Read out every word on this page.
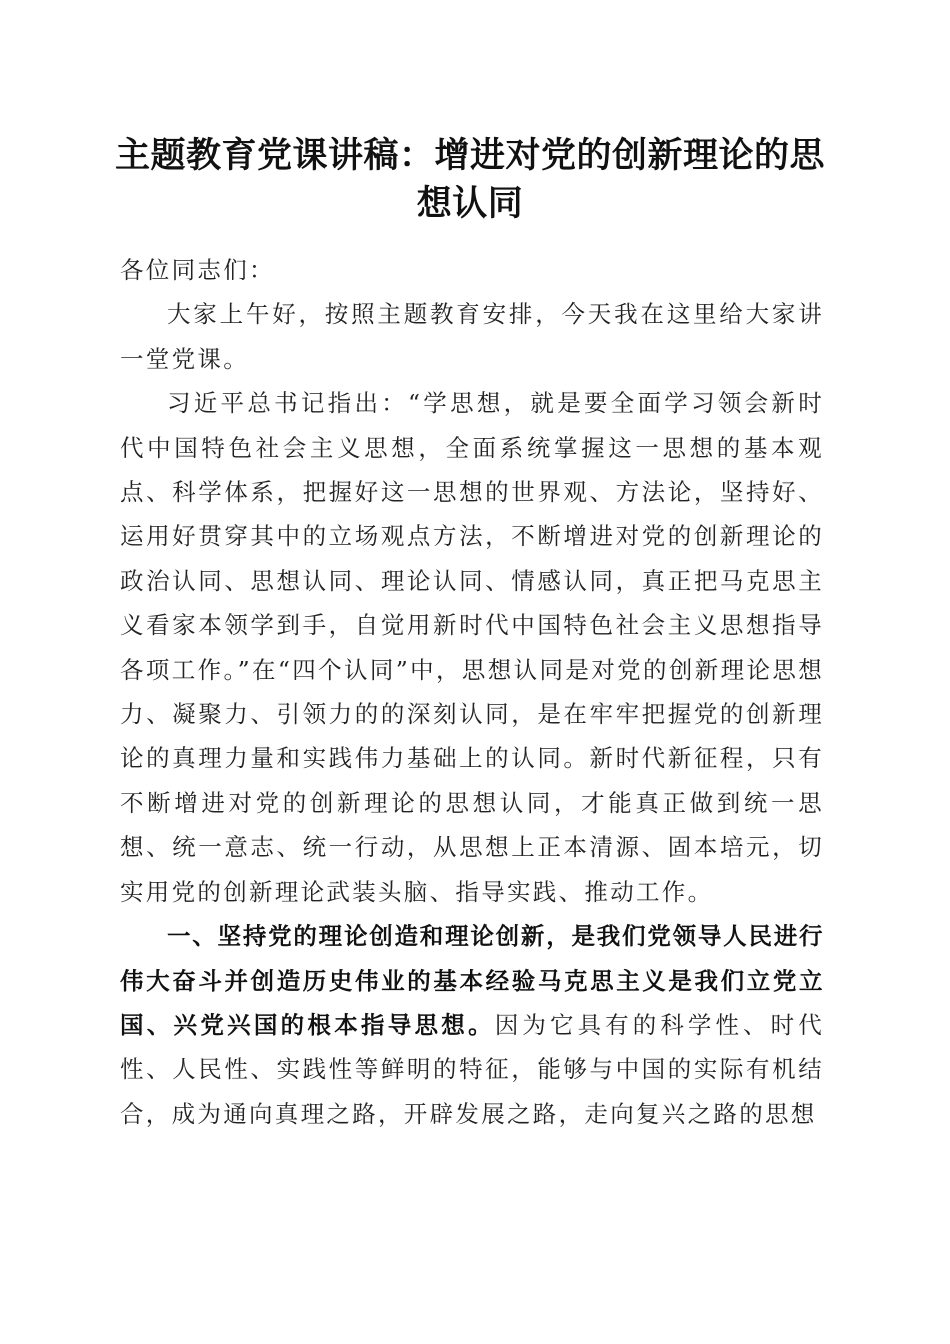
主题教育党课讲稿：增进对党的创新理论的思想认同

各位同志们：

大家上午好，按照主题教育安排，今天我在这里给大家讲一堂党课。

习近平总书记指出：“学思想，就是要全面学习领会新时代中国特色社会主义思想，全面系统掌握这一思想的基本观点、科学体系，把握好这一思想的世界观、方法论，坚持好、运用好贯穿其中的立场观点方法，不断增进对党的创新理论的政治认同、思想认同、理论认同、情感认同，真正把马克思主义看家本领学到手，自觉用新时代中国特色社会主义思想指导各项工作。”在“四个认同”中，思想认同是对党的创新理论思想力、凝聚力、引领力的的深刻认同，是在牢牢把握党的创新理论的真理力量和实践伟力基础上的认同。新时代新征程，只有不断增进对党的创新理论的思想认同，才能真正做到统一思想、统一意志、统一行动，从思想上正本清源、固本培元，切实用党的创新理论武装头脑、指导实践、推动工作。

一、坚持党的理论创造和理论创新，是我们党领导人民进行伟大奋斗并创造历史伟业的基本经验马克思主义是我们立党立国、兴党兴国的根本指导思想。因为它具有的科学性、时代性、人民性、实践性等鲜明的特征，能够与中国的实际有机结合，成为通向真理之路，开辟发展之路，走向复兴之路的思想
